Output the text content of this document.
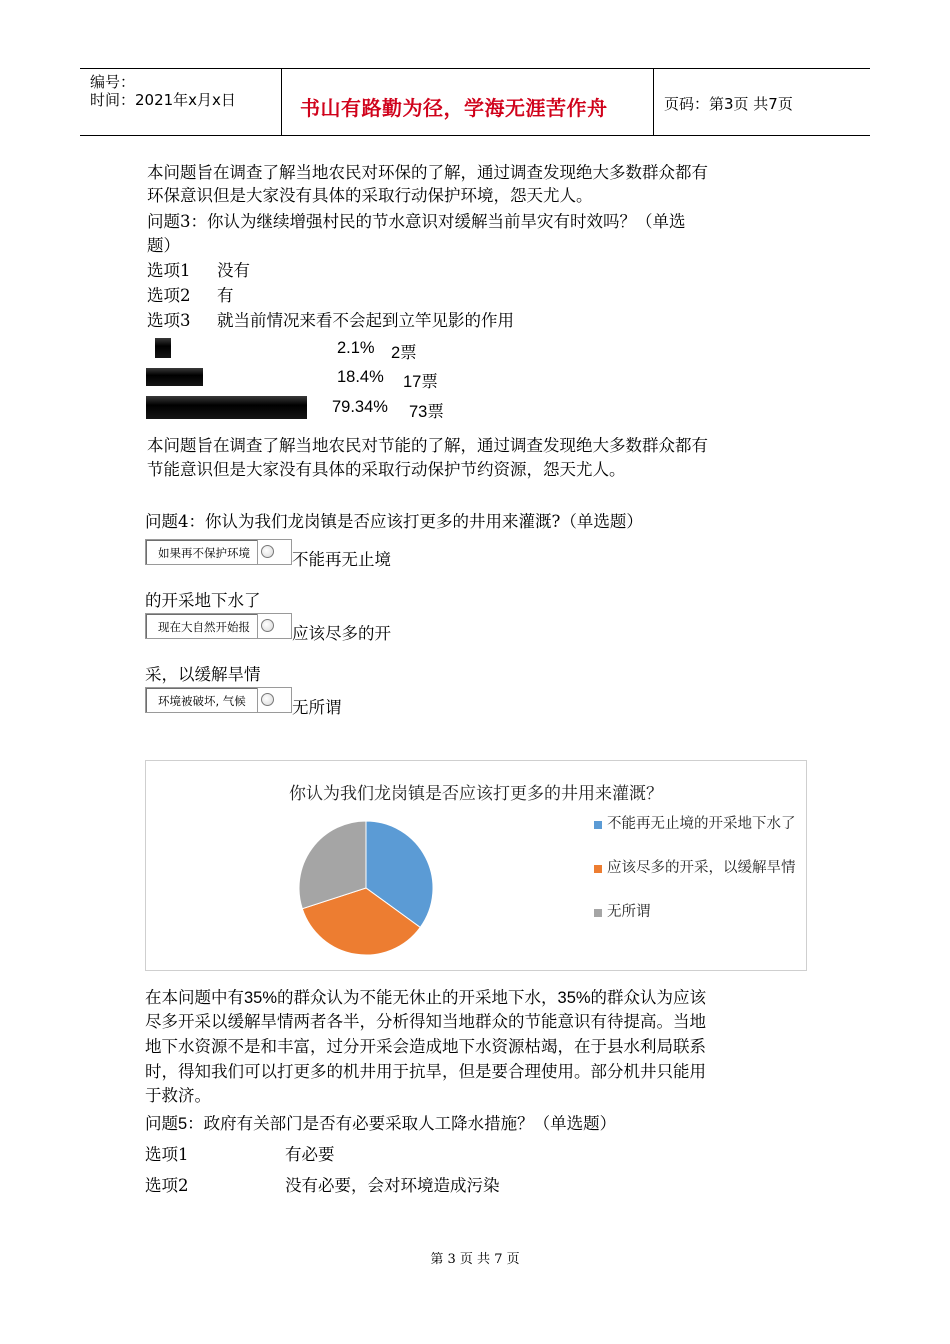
编号：
时间：2021年x月x日	书山有路勤为径，学海无涯苦作舟	页码：第3页 共7页
本问题旨在调查了解当地农民对环保的了解，通过调查发现绝大多数群众都有
环保意识但是大家没有具体的采取行动保护环境，怨天尤人。
问题3：你认为继续增强村民的节水意识对缓解当前旱灾有时效吗？（单选
题）
选项1 没有
选项2 有
选项3 就当前情况来看不会起到立竿见影的作用
2.1% 2票
18.4% 17票
79.34% 73票
本问题旨在调查了解当地农民对节能的了解，通过调查发现绝大多数群众都有
节能意识但是大家没有具体的采取行动保护节约资源，怨天尤人。
问题4：你认为我们龙岗镇是否应该打更多的井用来灌溉?（单选题）
如果再不保护环境	不能再无止境
的开采地下水了
现在大自然开始报	应该尽多的开
采，以缓解旱情
环境被破坏, 气候	无所谓
你认为我们龙岗镇是否应该打更多的井用来灌溉？
不能再无止境的开采地下水了
应该尽多的开采，以缓解旱情
无所谓
在本问题中有35%的群众认为不能无休止的开采地下水，35%的群众认为应该
尽多开采以缓解旱情两者各半，分析得知当地群众的节能意识有待提高。当地
地下水资源不是和丰富，过分开采会造成地下水资源枯竭，在于县水利局联系
时，得知我们可以打更多的机井用于抗旱，但是要合理使用。部分机井只能用
于救济。
问题5：政府有关部门是否有必要采取人工降水措施？（单选题）
选项1	有必要
选项2	没有必要，会对环境造成污染
第 3 页 共 7 页
